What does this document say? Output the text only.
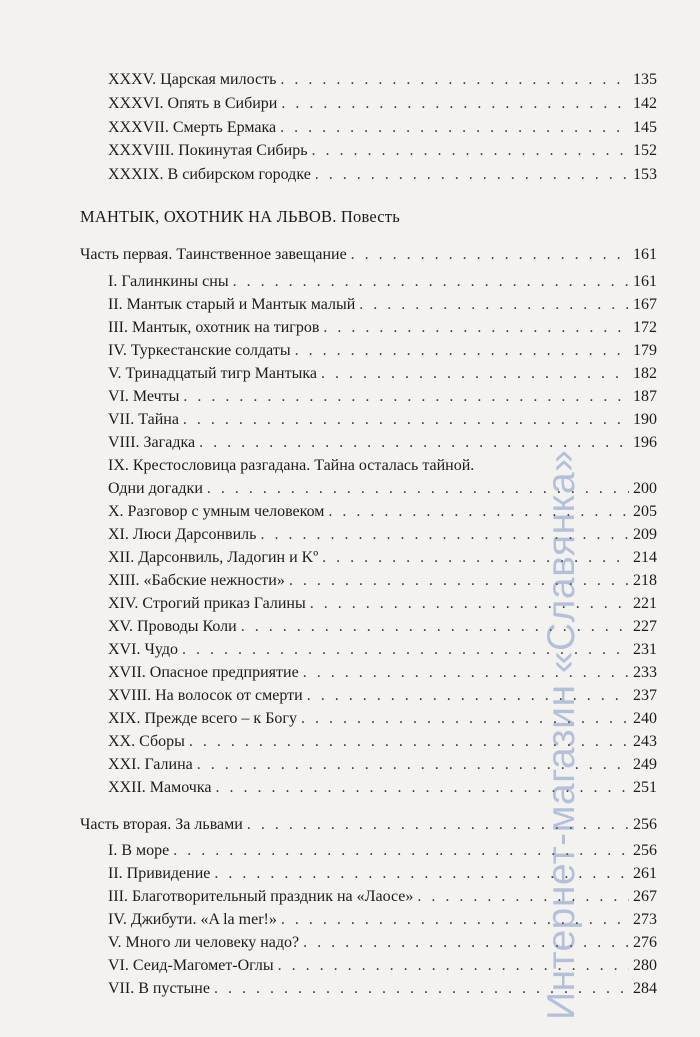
XXXV. Царская милость . . .	135
XXXVI. Опять в Сибири . . .	142
XXXVII. Смерть Ермака . . .	145
XXXVIII. Покинутая Сибирь . . .	152
XXXIX. В сибирском городке . . .	153
МАНТЫК, ОХОТНИК НА ЛЬВОВ. Повесть
Часть первая. Таинственное завещание . . .	161
I. Галинкины сны . . .	161
II. Мантык старый и Мантык малый . . .	167
III. Мантык, охотник на тигров . . .	172
IV. Туркестанские солдаты . . .	179
V. Тринадцатый тигр Мантыка . . .	182
VI. Мечты . . .	187
VII. Тайна . . .	190
VIII. Загадка . . .	196
IX. Крестословица разгадана. Тайна осталась тайной.
Одни догадки . . .	200
X. Разговор с умным человеком . . .	205
XI. Люси Дарсонвиль . . .	209
XII. Дарсонвиль, Ладогин и Kº . . .	214
XIII. «Бабские нежности» . . .	218
XIV. Строгий приказ Галины . . .	221
XV. Проводы Коли . . .	227
XVI. Чудо . . .	231
XVII. Опасное предприятие . . .	233
XVIII. На волосок от смерти . . .	237
XIX. Прежде всего – к Богу . . .	240
XX. Сборы . . .	243
XXI. Галина . . .	249
XXII. Мамочка . . .	251
Часть вторая. За львами . . .	256
I. В море . . .	256
II. Привидение . . .	261
III. Благотворительный праздник на «Лаосе» . . .	267
IV. Джибути. «A la mer!» . . .	273
V. Много ли человеку надо? . . .	276
VI. Сеид-Магомет-Оглы . . .	280
VII. В пустыне . . .	284
Интернет-магазин «Славянка»
